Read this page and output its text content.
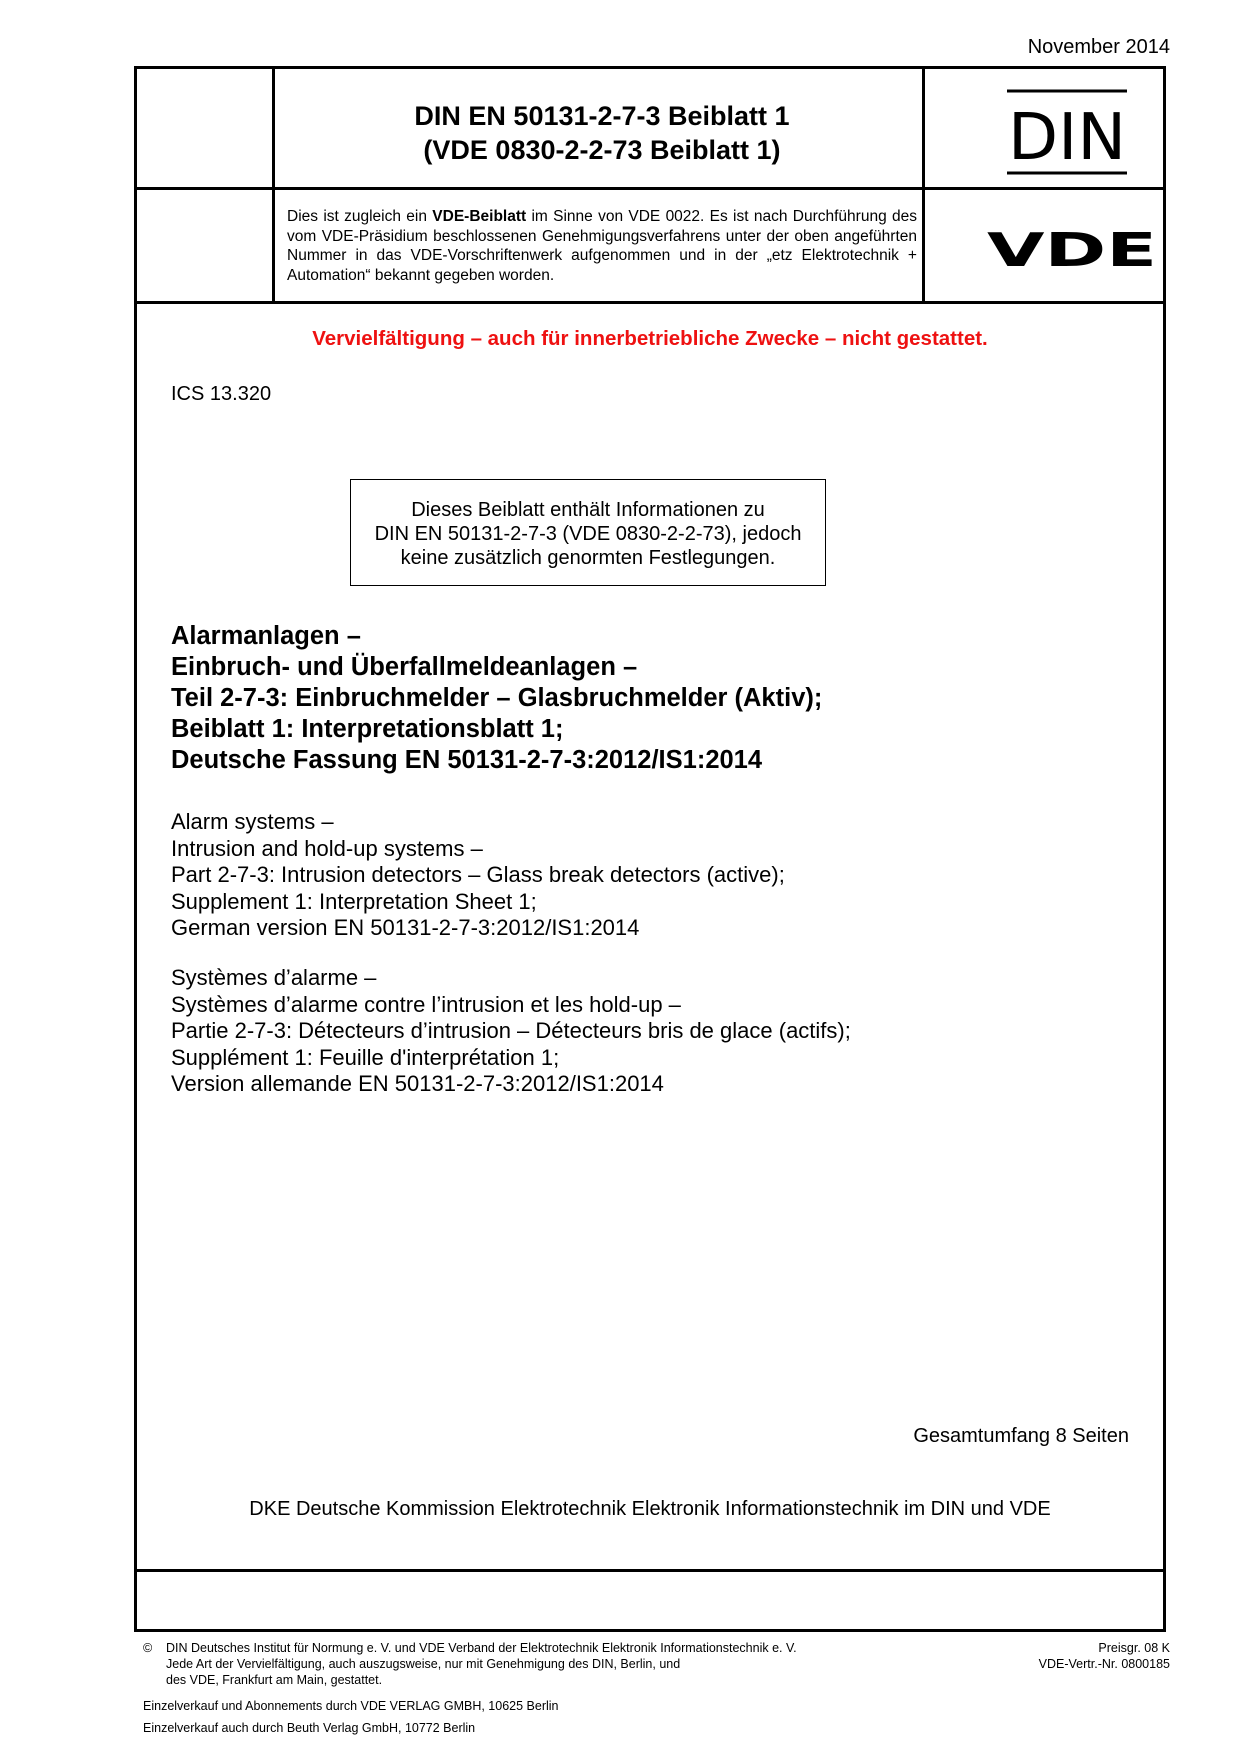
November 2014
DIN EN 50131-2-7-3 Beiblatt 1
(VDE 0830-2-2-73 Beiblatt 1)	DIN
Dies ist zugleich ein VDE-Beiblatt im Sinne von VDE 0022. Es ist nach Durchführung des vom VDE-Präsidium beschlossenen Genehmigungsverfahrens unter der oben angeführten Nummer in das VDE-Vorschriftenwerk aufgenommen und in der „etz Elektrotechnik + Automation“ bekannt gegeben worden.	VDE
Vervielfältigung – auch für innerbetriebliche Zwecke – nicht gestattet.
ICS 13.320
Dieses Beiblatt enthält Informationen zu
DIN EN 50131-2-7-3 (VDE 0830-2-2-73), jedoch
keine zusätzlich genormten Festlegungen.
Alarmanlagen –
Einbruch- und Überfallmeldeanlagen –
Teil 2-7-3: Einbruchmelder – Glasbruchmelder (Aktiv);
Beiblatt 1: Interpretationsblatt 1;
Deutsche Fassung EN 50131-2-7-3:2012/IS1:2014
Alarm systems –
Intrusion and hold-up systems –
Part 2-7-3: Intrusion detectors – Glass break detectors (active);
Supplement 1: Interpretation Sheet 1;
German version EN 50131-2-7-3:2012/IS1:2014
Systèmes d’alarme –
Systèmes d’alarme contre l’intrusion et les hold-up –
Partie 2-7-3: Détecteurs d’intrusion – Détecteurs bris de glace (actifs);
Supplément 1: Feuille d'interprétation 1;
Version allemande EN 50131-2-7-3:2012/IS1:2014
Gesamtumfang 8 Seiten
DKE Deutsche Kommission Elektrotechnik Elektronik Informationstechnik im DIN und VDE
© DIN Deutsches Institut für Normung e. V. und VDE Verband der Elektrotechnik Elektronik Informationstechnik e. V.
Jede Art der Vervielfältigung, auch auszugsweise, nur mit Genehmigung des DIN, Berlin, und
des VDE, Frankfurt am Main, gestattet.
Preisgr. 08 K
VDE-Vertr.-Nr. 0800185
Einzelverkauf und Abonnements durch VDE VERLAG GMBH, 10625 Berlin
Einzelverkauf auch durch Beuth Verlag GmbH, 10772 Berlin
